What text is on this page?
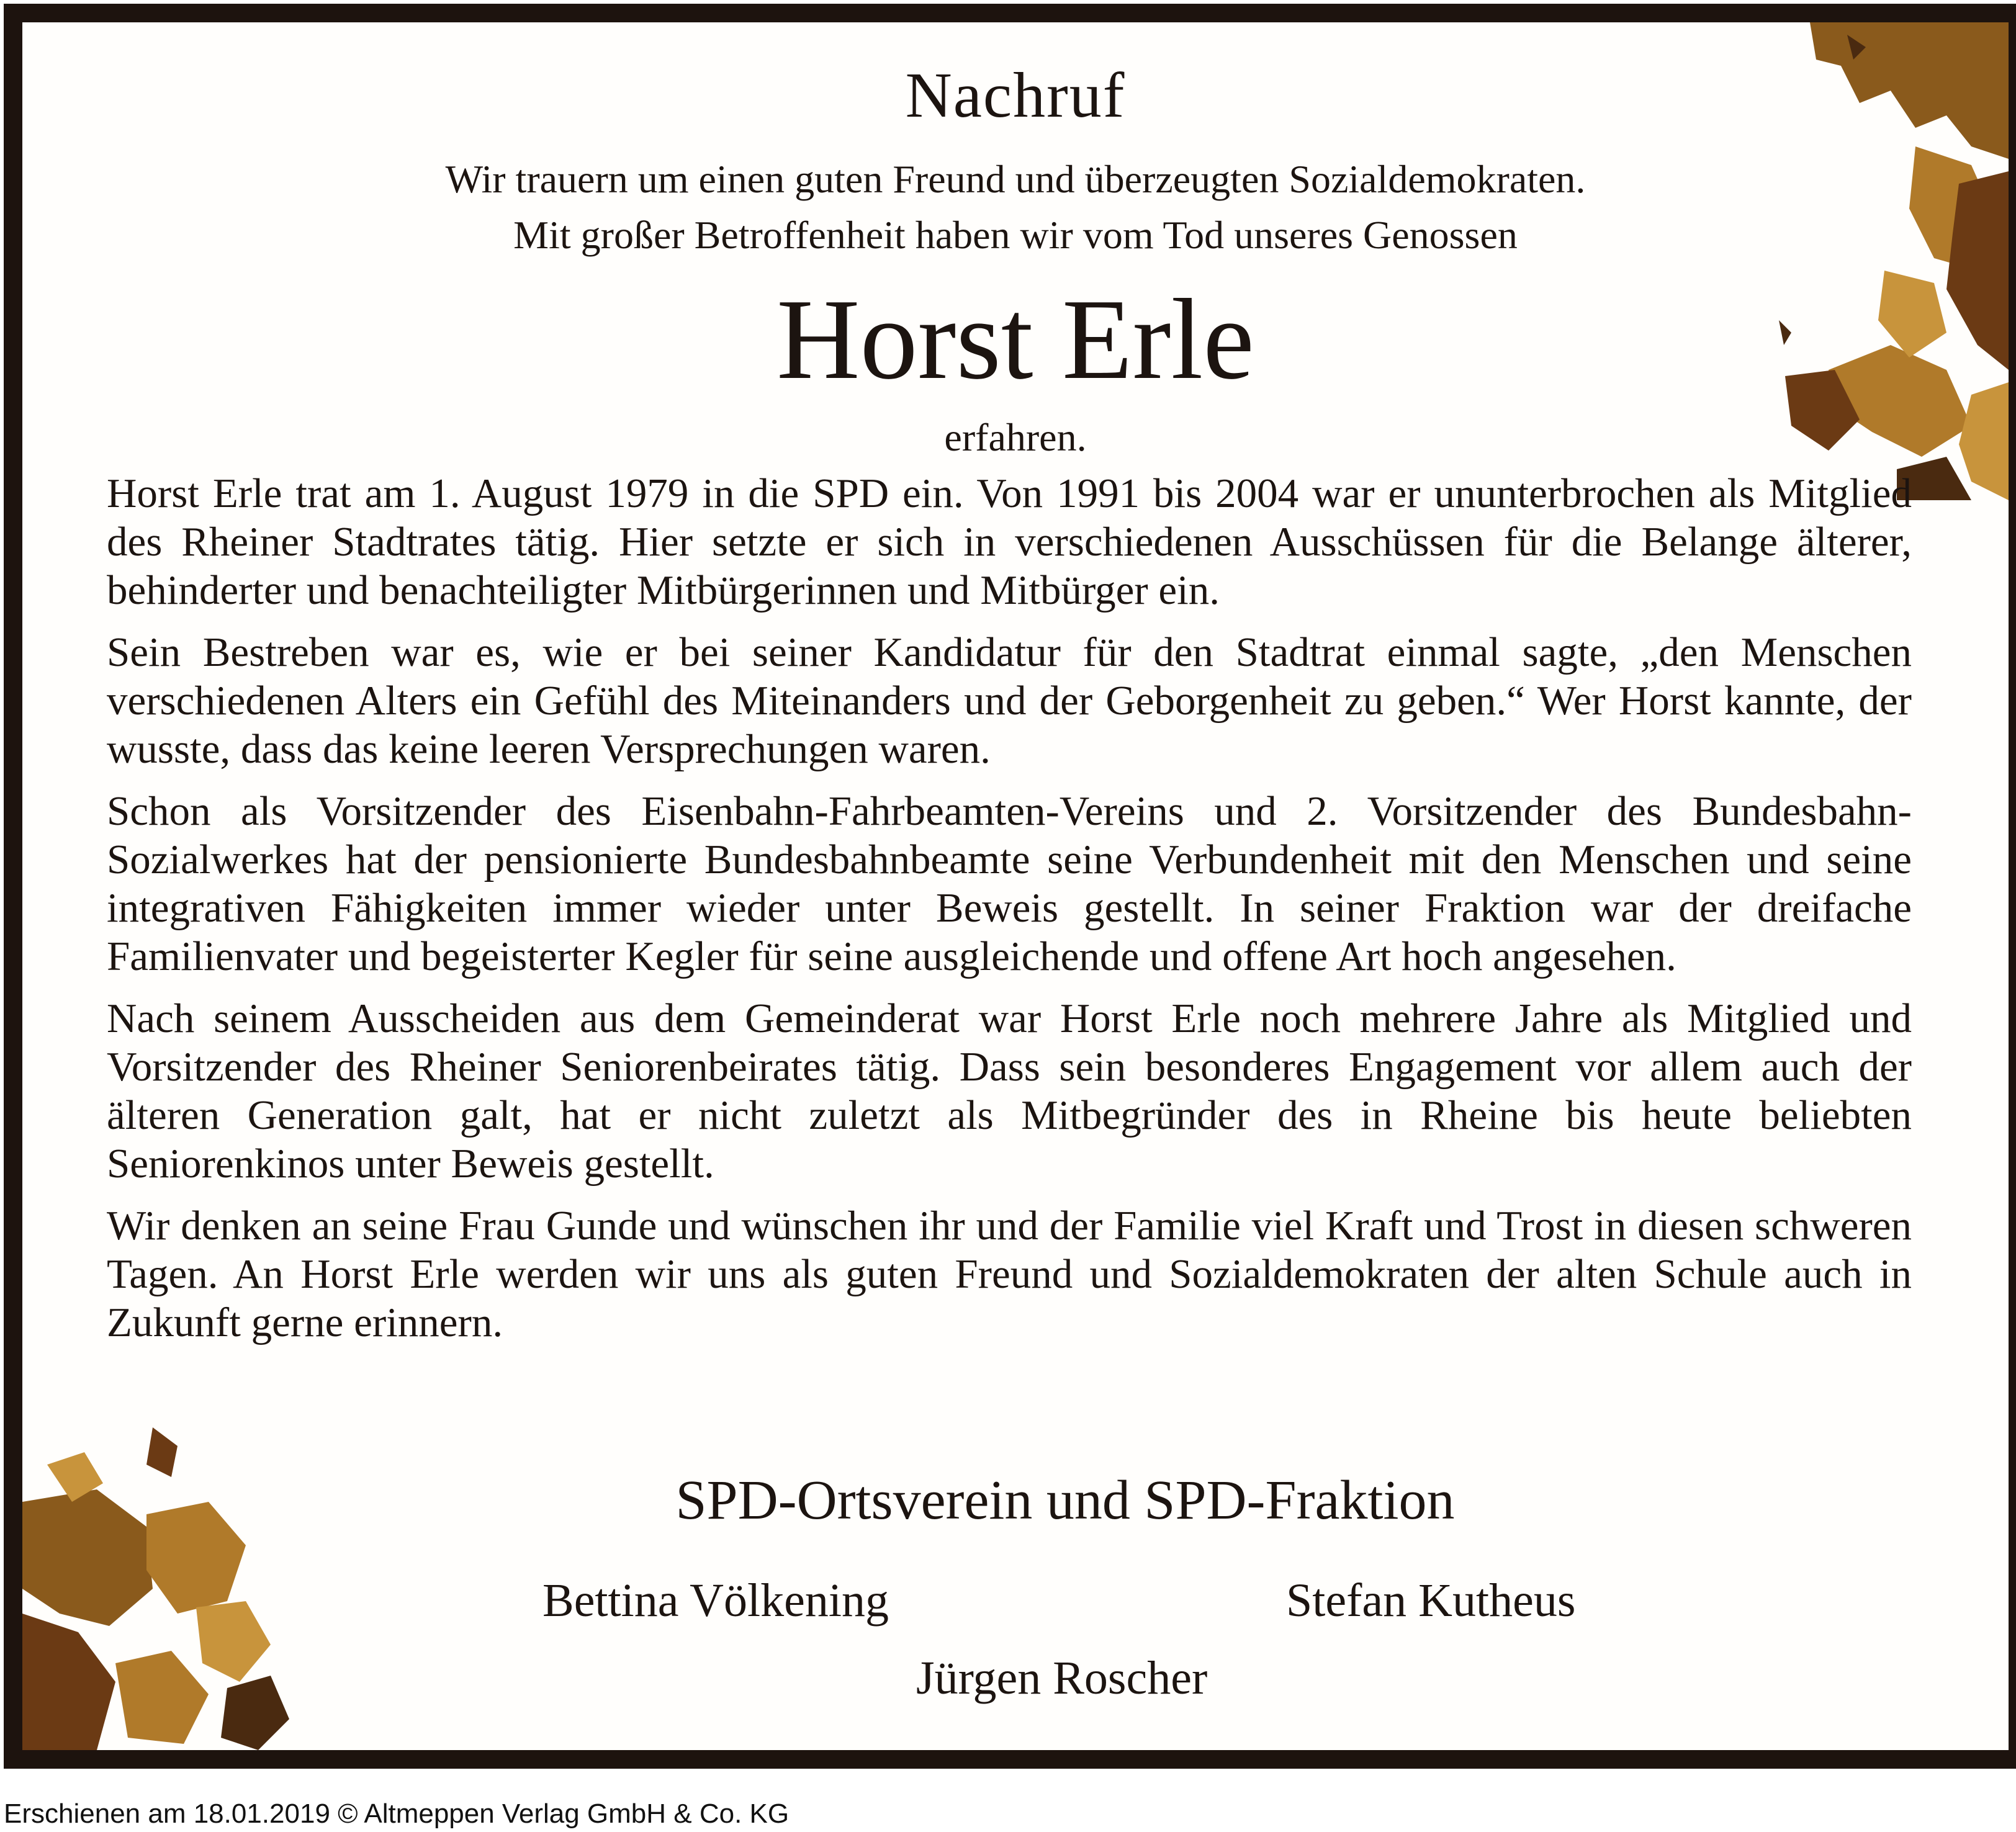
Nachruf
Wir trauern um einen guten Freund und überzeugten Sozialdemokraten.
Mit großer Betroffenheit haben wir vom Tod unseres Genossen
Horst Erle
erfahren.

Horst Erle trat am 1. August 1979 in die SPD ein. Von 1991 bis 2004 war er ununterbrochen als Mitglied des Rheiner Stadtrates tätig. Hier setzte er sich in verschiedenen Ausschüssen für die Belange älterer, behinderter und benachteiligter Mitbürgerinnen und Mitbürger ein.

Sein Bestreben war es, wie er bei seiner Kandidatur für den Stadtrat einmal sagte, „den Menschen verschiedenen Alters ein Gefühl des Miteinanders und der Geborgenheit zu geben.“ Wer Horst kannte, der wusste, dass das keine leeren Versprechungen waren.

Schon als Vorsitzender des Eisenbahn-Fahrbeamten-Vereins und 2. Vorsitzender des Bundesbahn-Sozialwerkes hat der pensionierte Bundesbahnbeamte seine Verbundenheit mit den Menschen und seine integrativen Fähigkeiten immer wieder unter Beweis gestellt. In seiner Fraktion war der dreifache Familienvater und begeisterter Kegler für seine ausgleichende und offene Art hoch angesehen.

Nach seinem Ausscheiden aus dem Gemeinderat war Horst Erle noch mehrere Jahre als Mitglied und Vorsitzender des Rheiner Seniorenbeirates tätig. Dass sein besonderes Engagement vor allem auch der älteren Generation galt, hat er nicht zuletzt als Mitbegründer des in Rheine bis heute beliebten Seniorenkinos unter Beweis gestellt.

Wir denken an seine Frau Gunde und wünschen ihr und der Familie viel Kraft und Trost in diesen schweren Tagen. An Horst Erle werden wir uns als guten Freund und Sozialdemokraten der alten Schule auch in Zukunft gerne erinnern.

SPD-Ortsverein und SPD-Fraktion
Bettina Völkening	Stefan Kutheus
Jürgen Roscher
Erschienen am 18.01.2019 © Altmeppen Verlag GmbH & Co. KG
